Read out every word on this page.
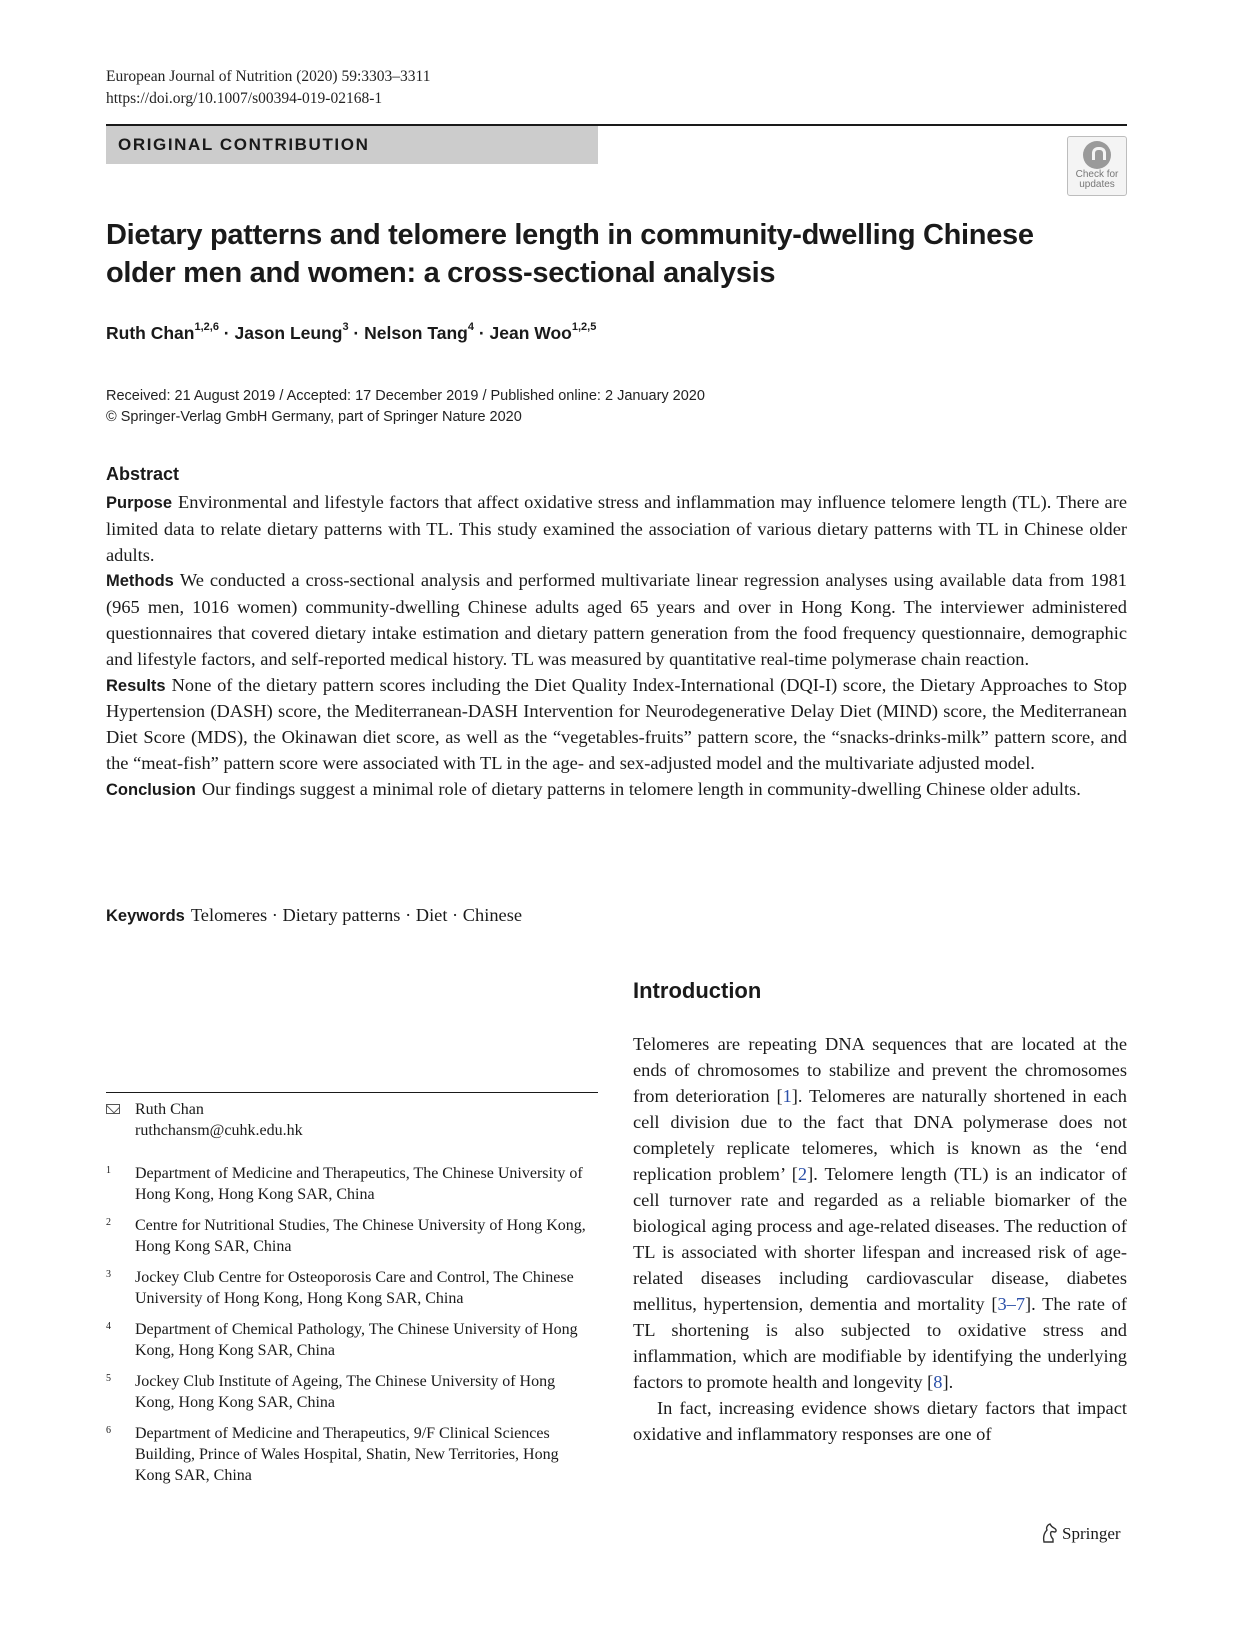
European Journal of Nutrition (2020) 59:3303–3311
https://doi.org/10.1007/s00394-019-02168-1
ORIGINAL CONTRIBUTION
Check for
updates
Dietary patterns and telomere length in community-dwelling Chinese
older men and women: a cross-sectional analysis
Ruth Chan$^{1,2,6}$ · Jason Leung$^3$ · Nelson Tang$^4$ · Jean Woo$^{1,2,5}$
Received: 21 August 2019 / Accepted: 17 December 2019 / Published online: 2 January 2020
© Springer-Verlag GmbH Germany, part of Springer Nature 2020
Abstract

Purpose Environmental and lifestyle factors that affect oxidative stress and inflammation may influence telomere length (TL). There are limited data to relate dietary patterns with TL. This study examined the association of various dietary patterns with TL in Chinese older adults.

Methods We conducted a cross-sectional analysis and performed multivariate linear regression analyses using available data from 1981 (965 men, 1016 women) community-dwelling Chinese adults aged 65 years and over in Hong Kong. The interviewer administered questionnaires that covered dietary intake estimation and dietary pattern generation from the food frequency questionnaire, demographic and lifestyle factors, and self-reported medical history. TL was measured by quantitative real-time polymerase chain reaction.

Results None of the dietary pattern scores including the Diet Quality Index-International (DQI-I) score, the Dietary Approaches to Stop Hypertension (DASH) score, the Mediterranean-DASH Intervention for Neurodegenerative Delay Diet (MIND) score, the Mediterranean Diet Score (MDS), the Okinawan diet score, as well as the “vegetables-fruits” pattern score, the “snacks-drinks-milk” pattern score, and the “meat-fish” pattern score were associated with TL in the age- and sex-adjusted model and the multivariate adjusted model.

Conclusion Our findings suggest a minimal role of dietary patterns in telomere length in community-dwelling Chinese older adults.

Keywords Telomeres · Dietary patterns · Diet · Chinese
Introduction

Telomeres are repeating DNA sequences that are located at the ends of chromosomes to stabilize and prevent the chromosomes from deterioration [1]. Telomeres are naturally shortened in each cell division due to the fact that DNA polymerase does not completely replicate telomeres, which is known as the ‘end replication problem’ [2]. Telomere length (TL) is an indicator of cell turnover rate and regarded as a reliable biomarker of the biological aging process and age-related diseases. The reduction of TL is associated with shorter lifespan and increased risk of age-related diseases including cardiovascular disease, diabetes mellitus, hypertension, dementia and mortality [3–7]. The rate of TL shortening is also subjected to oxidative stress and inflammation, which are modifiable by identifying the underlying factors to promote health and longevity [8].

In fact, increasing evidence shows dietary factors that impact oxidative and inflammatory responses are one of

Ruth Chan
ruthchansm@cuhk.edu.hk
1 Department of Medicine and Therapeutics, The Chinese University of Hong Kong, Hong Kong SAR, China
2 Centre for Nutritional Studies, The Chinese University of Hong Kong, Hong Kong SAR, China
3 Jockey Club Centre for Osteoporosis Care and Control, The Chinese University of Hong Kong, Hong Kong SAR, China
4 Department of Chemical Pathology, The Chinese University of Hong Kong, Hong Kong SAR, China
5 Jockey Club Institute of Ageing, The Chinese University of Hong Kong, Hong Kong SAR, China
6 Department of Medicine and Therapeutics, 9/F Clinical Sciences Building, Prince of Wales Hospital, Shatin, New Territories, Hong Kong SAR, China
Springer
